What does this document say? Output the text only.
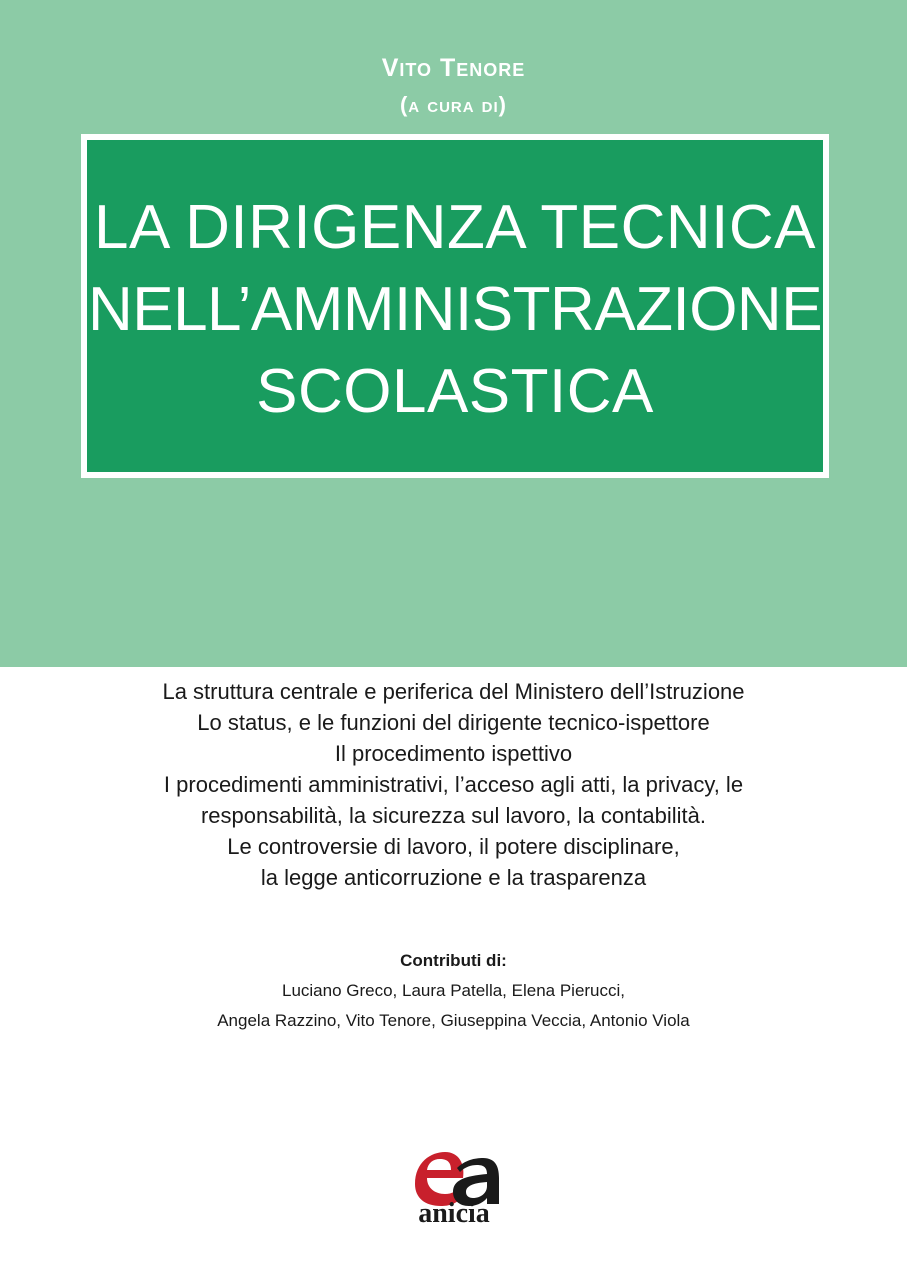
Vito Tenore
(a cura di)
LA DIRIGENZA TECNICA
NELL’AMMINISTRAZIONE
SCOLASTICA
La struttura centrale e periferica del Ministero dell’Istruzione
Lo status, e le funzioni del dirigente tecnico-ispettore
Il procedimento ispettivo
I procedimenti amministrativi, l’acceso agli atti, la privacy, le
responsabilità, la sicurezza sul lavoro, la contabilità.
Le controversie di lavoro, il potere disciplinare,
la legge anticorruzione e la trasparenza
Contributi di:
Luciano Greco, Laura Patella, Elena Pierucci,
Angela Razzino, Vito Tenore, Giuseppina Veccia, Antonio Viola
anicia
